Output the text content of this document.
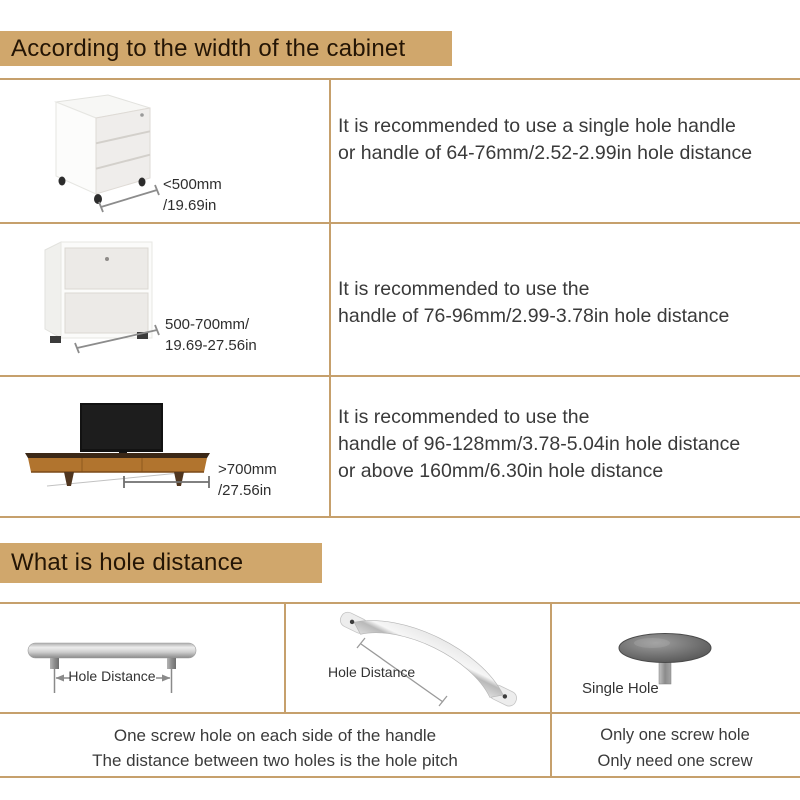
According to the width of the cabinet
<500mm
/19.69in
It is recommended to use a single hole handle
or handle of 64-76mm/2.52-2.99in hole distance
500-700mm/
19.69-27.56in
It is recommended to use the
handle of 76-96mm/2.99-3.78in hole distance
>700mm
/27.56in
It is recommended to use the
handle of 96-128mm/3.78-5.04in hole distance
or above 160mm/6.30in hole distance
What is hole distance
Hole Distance	Hole Distance
Single Hole
One screw hole on each side of the handle
The distance between two holes is the hole pitch
Only one screw hole
Only need one screw
